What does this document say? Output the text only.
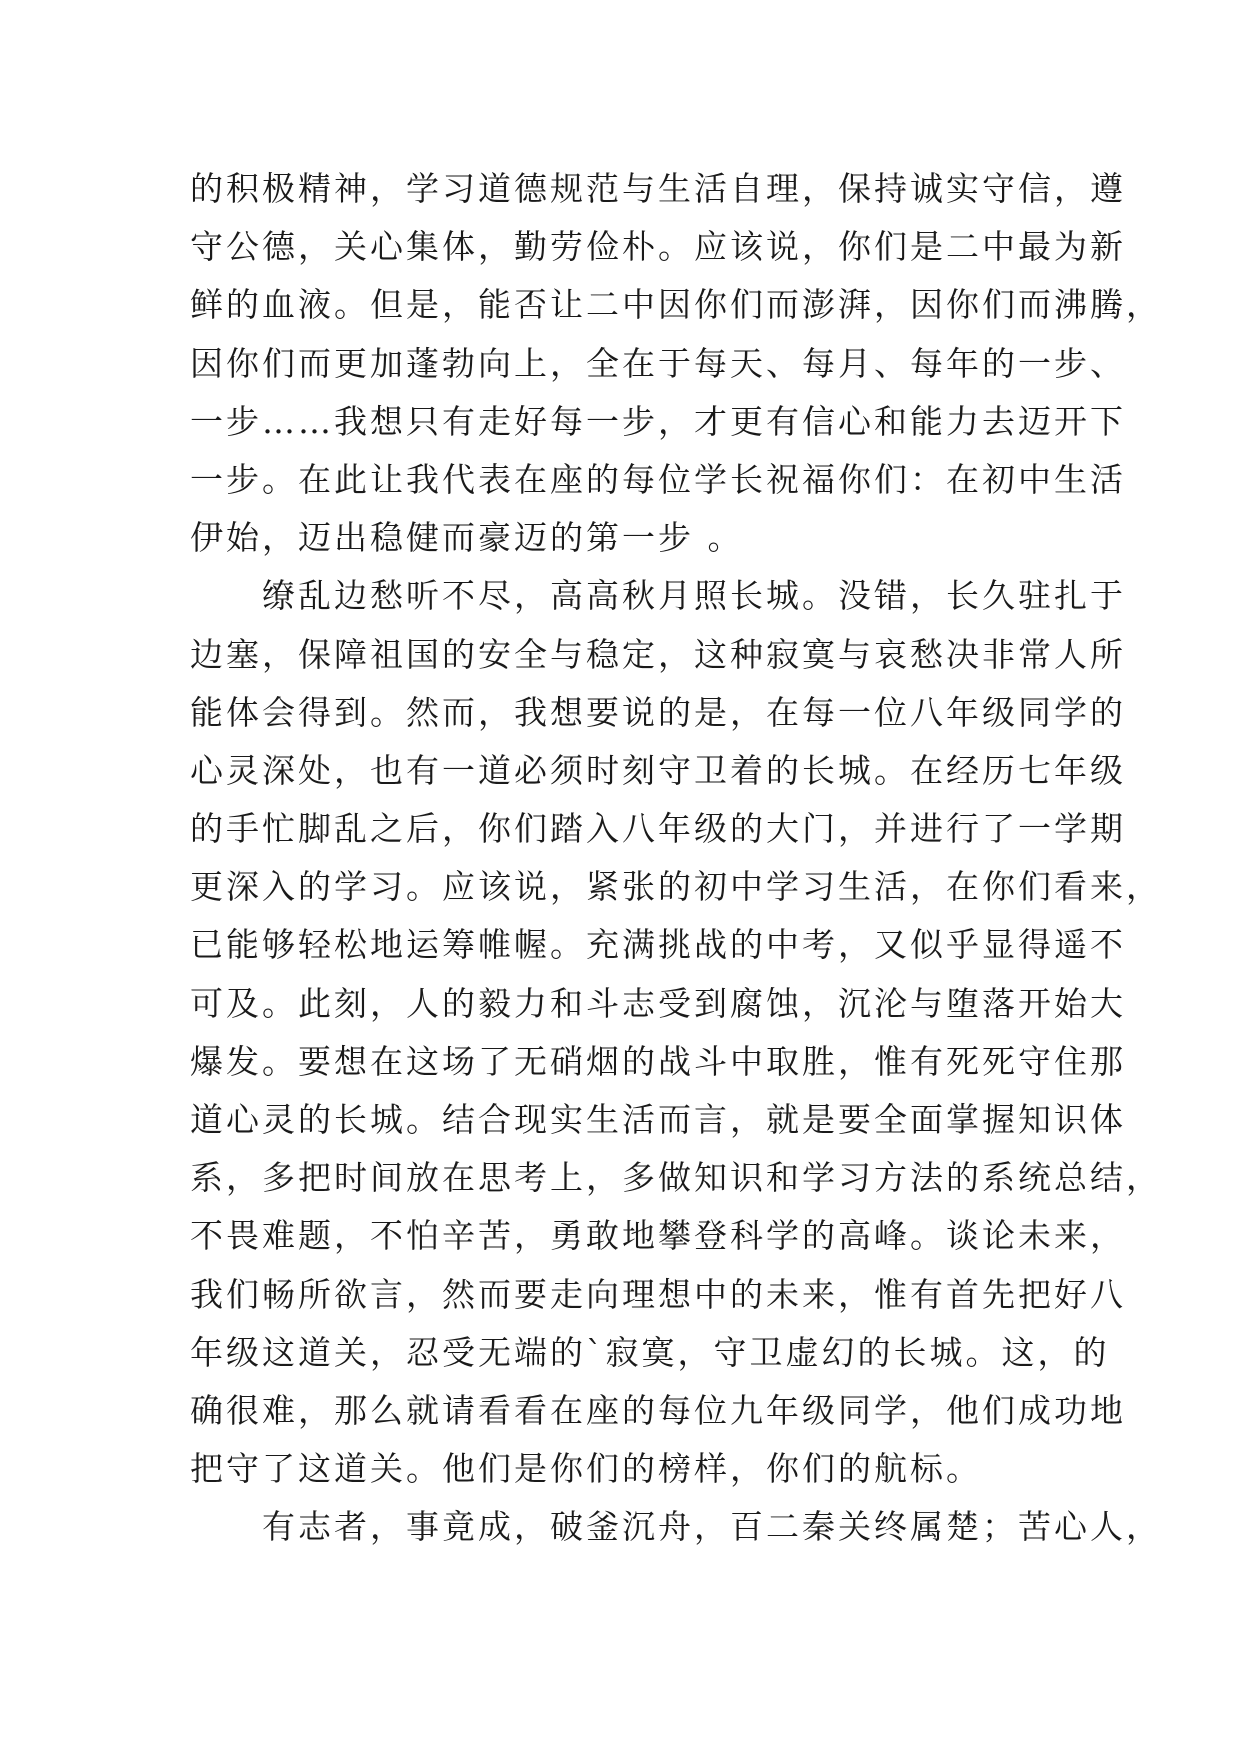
的积极精神，学习道德规范与生活自理，保持诚实守信，遵
守公德，关心集体，勤劳俭朴。应该说，你们是二中最为新
鲜的血液。但是，能否让二中因你们而澎湃，因你们而沸腾，
因你们而更加蓬勃向上，全在于每天、每月、每年的一步、
一步……我想只有走好每一步，才更有信心和能力去迈开下
一步。在此让我代表在座的每位学长祝福你们：在初中生活
伊始，迈出稳健而豪迈的第一步 。
　　缭乱边愁听不尽，高高秋月照长城。没错，长久驻扎于
边塞，保障祖国的安全与稳定，这种寂寞与哀愁决非常人所
能体会得到。然而，我想要说的是，在每一位八年级同学的
心灵深处，也有一道必须时刻守卫着的长城。在经历七年级
的手忙脚乱之后，你们踏入八年级的大门，并进行了一学期
更深入的学习。应该说，紧张的初中学习生活，在你们看来，
已能够轻松地运筹帷幄。充满挑战的中考，又似乎显得遥不
可及。此刻，人的毅力和斗志受到腐蚀，沉沦与堕落开始大
爆发。要想在这场了无硝烟的战斗中取胜，惟有死死守住那
道心灵的长城。结合现实生活而言，就是要全面掌握知识体
系，多把时间放在思考上，多做知识和学习方法的系统总结，
不畏难题，不怕辛苦，勇敢地攀登科学的高峰。谈论未来，
我们畅所欲言，然而要走向理想中的未来，惟有首先把好八
年级这道关，忍受无端的`寂寞，守卫虚幻的长城。这，的
确很难，那么就请看看在座的每位九年级同学，他们成功地
把守了这道关。他们是你们的榜样，你们的航标。
　　有志者，事竟成，破釜沉舟，百二秦关终属楚；苦心人，
